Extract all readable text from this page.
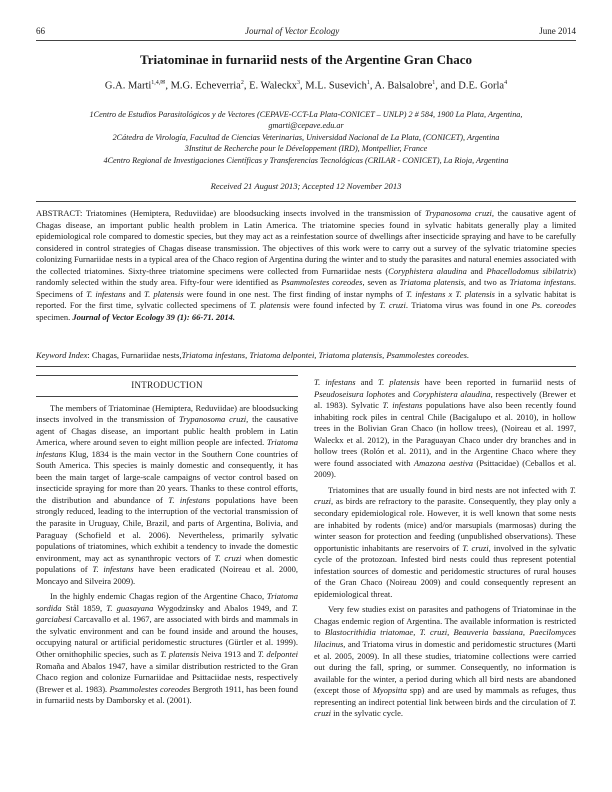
66	Journal of Vector Ecology	June 2014
Triatominae in furnariid nests of the Argentine Gran Chaco
G.A. Marti$^{1,4,✉}$, M.G. Echeverria$^2$, E. Waleckx$^3$, M.L. Susevich$^1$, A. Balsalobre$^1$, and D.E. Gorla$^4$
1Centro de Estudios Parasitológicos y de Vectores (CEPAVE-CCT-La Plata-CONICET – UNLP) 2 # 584, 1900 La Plata, Argentina,
gmarti@cepave.edu.ar
2Cátedra de Virología, Facultad de Ciencias Veterinarias, Universidad Nacional de La Plata, (CONICET), Argentina
3Institut de Recherche pour le Développement (IRD), Montpellier, France
4Centro Regional de Investigaciones Científicas y Transferencias Tecnológicas (CRILAR - CONICET), La Rioja, Argentina
Received 21 August 2013; Accepted 12 November 2013
ABSTRACT: Triatomines (Hemiptera, Reduviidae) are bloodsucking insects involved in the transmission of Trypanosoma cruzi, the causative agent of Chagas disease, an important public health problem in Latin America. The triatomine species found in sylvatic habitats generally play a limited epidemiological role compared to domestic species, but they may act as a reinfestation source of dwellings after insecticide spraying and have to be carefully considered in control strategies of Chagas disease transmission. The objectives of this work were to carry out a survey of the sylvatic triatomine species colonizing Furnariidae nests in a typical area of the Chaco region of Argentina during the winter and to study the parasites and natural enemies associated with the collected triatomines. Sixty-three triatomine specimens were collected from Furnariidae nests (Coryphistera alaudina and Phacellodomus sibilatrix) randomly selected within the study area. Fifty-four were identified as Psammolestes coreodes, seven as Triatoma platensis, and two as Triatoma infestans. Specimens of T. infestans and T. platensis were found in one nest. The first finding of instar nymphs of T. infestans x T. platensis in a sylvatic habitat is reported. For the first time, sylvatic collected specimens of T. platensis were found infected by T. cruzi. Triatoma virus was found in one Ps. coreodes specimen. Journal of Vector Ecology 39 (1): 66-71. 2014.
Keyword Index: Chagas, Furnariidae nests,Triatoma infestans, Triatoma delpontei, Triatoma platensis, Psammolestes coreodes.
INTRODUCTION

The members of Triatominae (Hemiptera, Reduviidae) are bloodsucking insects involved in the transmission of Trypanosoma cruzi, the causative agent of Chagas disease, an important public health problem in Latin America, where around seven to eight million people are infected. Triatoma infestans Klug, 1834 is the main vector in the Southern Cone countries of South America. This species is mainly domestic and consequently, it has been the main target of large-scale campaigns of vector control based on insecticide spraying for more than 20 years. Thanks to these control efforts, the distribution and abundance of T. infestans populations have been strongly reduced, leading to the interruption of the vectorial transmission of the parasite in Uruguay, Chile, Brazil, and parts of Argentina, Bolivia, and Paraguay (Schofield et al. 2006). Nevertheless, primarily sylvatic populations of triatomines, which exhibit a tendency to invade the domestic environment, may act as synanthropic vectors of T. cruzi when domestic populations of T. infestans have been eradicated (Noireau et al. 2000, Moncayo and Silveira 2009).

In the highly endemic Chagas region of the Argentine Chaco, Triatoma sordida Stål 1859, T. guasayana Wygodzinsky and Abalos 1949, and T. garciabesi Carcavallo et al. 1967, are associated with birds and mammals in the sylvatic environment and can be found inside and around the houses, occupying natural or artificial peridomestic structures (Gürtler et al. 1999). Other ornithophilic species, such as T. platensis Neiva 1913 and T. delpontei Romaña and Abalos 1947, have a similar distribution restricted to the Gran Chaco region and colonize Furnariidae and Psittaciidae nests, respectively (Brewer et al. 1983). Psammolestes coreodes Bergroth 1911, has been found in furnariid nests by Damborsky et al. (2001).

T. infestans and T. platensis have been reported in furnariid nests of Pseudoseisura lophotes and Coryphistera alaudina, respectively (Brewer et al. 1983). Sylvatic T. infestans populations have also been recently found inhabiting rock piles in central Chile (Bacigalupo et al. 2010), in hollow trees in the Bolivian Gran Chaco (in hollow trees), (Noireau et al. 1997, Waleckx et al. 2012), in the Paraguayan Chaco under dry branches and in hollow trees (Rolón et al. 2011), and in the Argentine Chaco where they were found associated with Amazona aestiva (Psittacidae) (Ceballos et al. 2009).

Triatomines that are usually found in bird nests are not infected with T. cruzi, as birds are refractory to the parasite. Consequently, they play only a secondary epidemiological role. However, it is well known that some nests are inhabited by rodents (mice) and/or marsupials (marmosas) during the winter season for protection and feeding (unpublished observations). These opportunistic inhabitants are reservoirs of T. cruzi, involved in the sylvatic cycle of the protozoan. Infested bird nests could thus represent potential infestation sources of domestic and peridomestic structures of rural houses of the Gran Chaco (Noireau 2009) and could consequently represent an epidemiological threat.

Very few studies exist on parasites and pathogens of Triatominae in the Chagas endemic region of Argentina. The available information is restricted to Blastocrithidia triatomae, T. cruzi, Beauveria bassiana, Paecilomyces lilacinus, and Triatoma virus in domestic and peridomestic structures (Marti et al. 2005, 2009). In all these studies, triatomine collections were carried out during the fall, spring, or summer. Consequently, no information is available for the winter, a period during which all bird nests are abandoned (except those of Myopsitta spp) and are used by mammals as refuges, thus representing an indirect potential link between birds and the circulation of T. cruzi in the sylvatic cycle.
